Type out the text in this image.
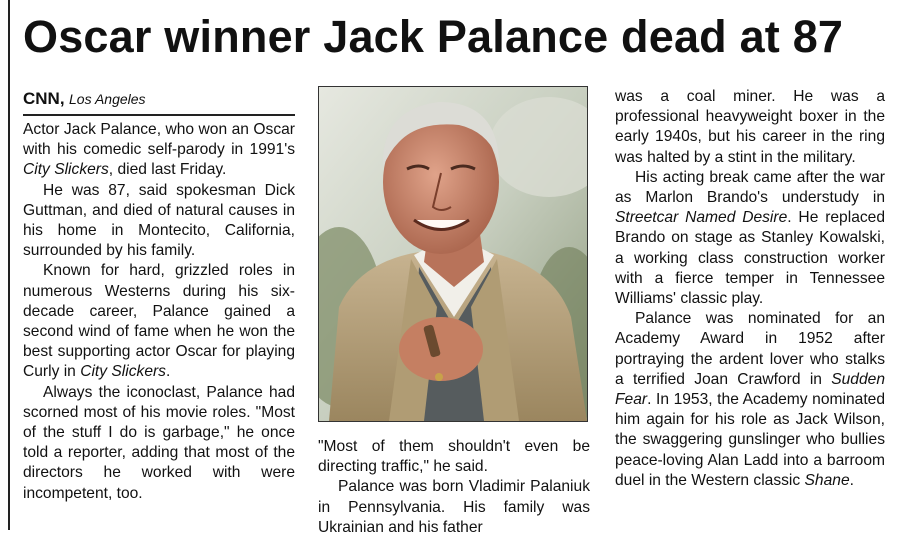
Oscar winner Jack Palance dead at 87
CNN, Los Angeles

Actor Jack Palance, who won an Oscar with his comedic self-parody in 1991's City Slickers, died last Friday.

He was 87, said spokesman Dick Guttman, and died of natural causes in his home in Montecito, California, surrounded by his family.

Known for hard, grizzled roles in numerous Westerns during his six-decade career, Palance gained a second wind of fame when he won the best supporting actor Oscar for playing Curly in City Slickers.

Always the iconoclast, Palance had scorned most of his movie roles. "Most of the stuff I do is garbage," he once told a reporter, adding that most of the directors he worked with were incompetent, too.

"Most of them shouldn't even be directing traffic," he said.

Palance was born Vladimir Palaniuk in Pennsylvania. His family was Ukrainian and his father

was a coal miner. He was a professional heavyweight boxer in the early 1940s, but his career in the ring was halted by a stint in the military.

His acting break came after the war as Marlon Brando's understudy in Streetcar Named Desire. He replaced Brando on stage as Stanley Kowalski, a working class construction worker with a fierce temper in Tennessee Williams' classic play.

Palance was nominated for an Academy Award in 1952 after portraying the ardent lover who stalks a terrified Joan Crawford in Sudden Fear. In 1953, the Academy nominated him again for his role as Jack Wilson, the swaggering gunslinger who bullies peace-loving Alan Ladd into a barroom duel in the Western classic Shane.
